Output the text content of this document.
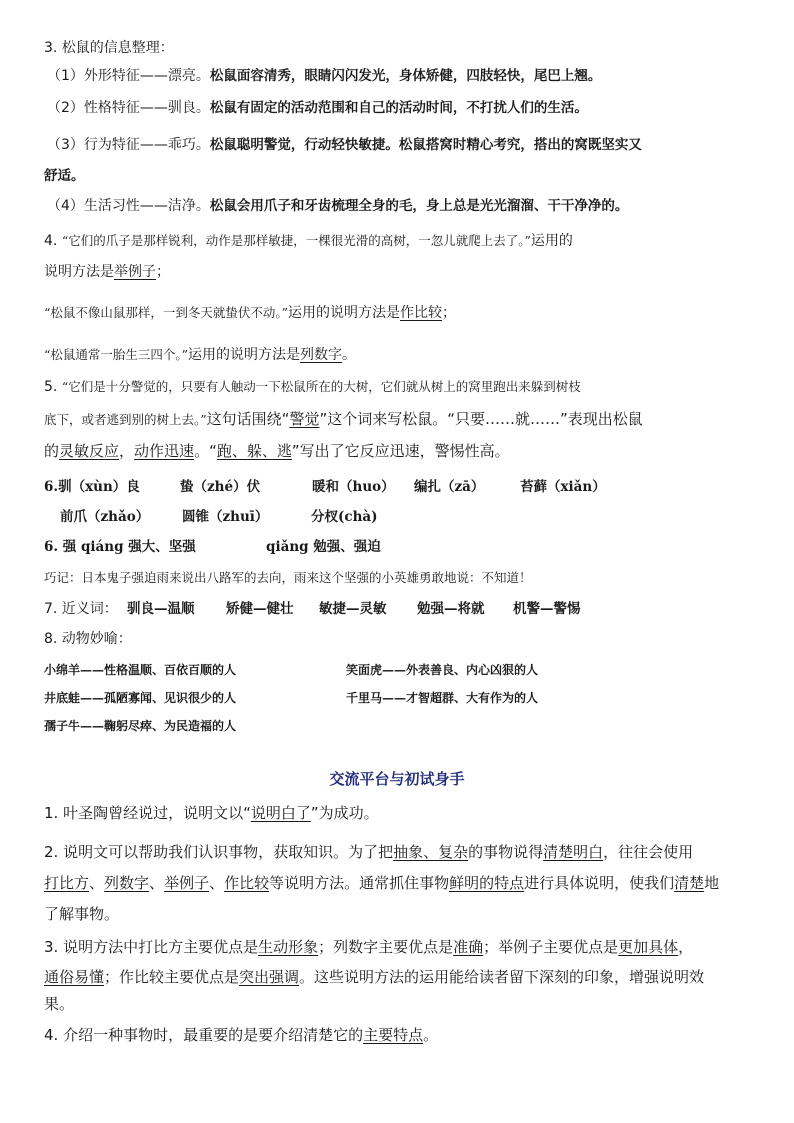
3. 松鼠的信息整理：
（1）外形特征——漂亮。松鼠面容清秀，眼睛闪闪发光，身体矫健，四肢轻快，尾巴上翘。
（2）性格特征——驯良。松鼠有固定的活动范围和自己的活动时间，不打扰人们的生活。
（3）行为特征——乖巧。松鼠聪明警觉，行动轻快敏捷。松鼠搭窝时精心考究，搭出的窝既坚实又
舒适。
（4）生活习性——洁净。松鼠会用爪子和牙齿梳理全身的毛，身上总是光光溜溜、干干净净的。
4. “它们的爪子是那样锐利，动作是那样敏捷，一棵很光滑的高树，一忽儿就爬上去了。”运用的
说明方法是举例子；
“松鼠不像山鼠那样，一到冬天就蛰伏不动。”运用的说明方法是作比较；
“松鼠通常一胎生三四个。”运用的说明方法是列数字。
5. “它们是十分警觉的，只要有人触动一下松鼠所在的大树，它们就从树上的窝里跑出来躲到树枝
底下，或者逃到别的树上去。”这句话围绕“警觉”这个词来写松鼠。“只要……就……”表现出松鼠
的灵敏反应，动作迅速。“跑、躲、逃”写出了它反应迅速，警惕性高。
6.驯（xùn）良	蛰（zhé）伏	暖和（huo） 编扎（zā）	苔藓（xiǎn）
前爪（zhǎo） 圆锥（zhuī）	分杈(chà)
6. 强 qiáng 强大、坚强	qiǎng 勉强、强迫
巧记：日本鬼子强迫雨来说出八路军的去向，雨来这个坚强的小英雄勇敢地说：不知道！
7. 近义词： 驯良—温顺 矫健—健壮 敏捷—灵敏 勉强—将就 机警—警惕
8. 动物妙喻：
小绵羊——性格温顺、百依百顺的人	笑面虎——外表善良、内心凶狠的人
井底蛙——孤陋寡闻、见识很少的人	千里马——才智超群、大有作为的人
孺子牛——鞠躬尽瘁、为民造福的人
交流平台与初试身手
1. 叶圣陶曾经说过，说明文以“说明白了”为成功。
2. 说明文可以帮助我们认识事物，获取知识。为了把抽象、复杂的事物说得清楚明白，往往会使用
打比方、列数字、举例子、作比较等说明方法。通常抓住事物鲜明的特点进行具体说明，使我们清楚地
了解事物。
3. 说明方法中打比方主要优点是生动形象；列数字主要优点是准确；举例子主要优点是更加具体，
通俗易懂；作比较主要优点是突出强调。这些说明方法的运用能给读者留下深刻的印象，增强说明效
果。
4. 介绍一种事物时，最重要的是要介绍清楚它的主要特点。
